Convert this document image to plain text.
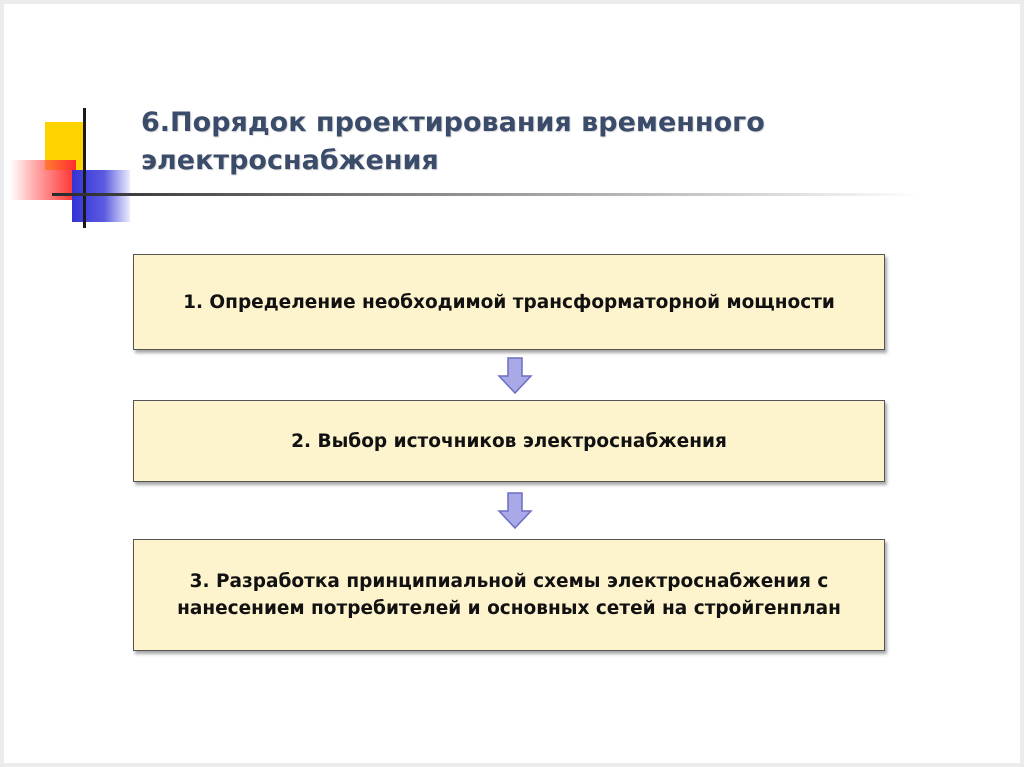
6.Порядок проектирования временного электроснабжения
1. Определение необходимой трансформаторной мощности
2. Выбор источников электроснабжения
3. Разработка принципиальной схемы электроснабжения с нанесением потребителей и основных сетей на стройгенплан
